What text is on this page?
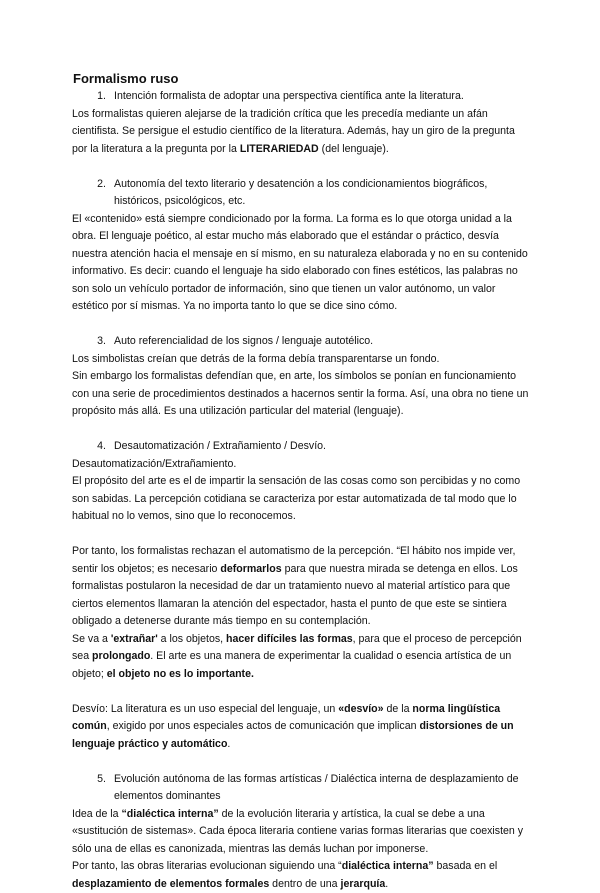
Formalismo ruso
1. Intención formalista de adoptar una perspectiva científica ante la literatura.

Los formalistas quieren alejarse de la tradición crítica que les precedía mediante un afán cientifista. Se persigue el estudio científico de la literatura. Además, hay un giro de la pregunta por la literatura a la pregunta por la LITERARIEDAD (del lenguaje).

2. Autonomía del texto literario y desatención a los condicionamientos biográficos, históricos, psicológicos, etc.

El «contenido» está siempre condicionado por la forma. La forma es lo que otorga unidad a la obra. El lenguaje poético, al estar mucho más elaborado que el estándar o práctico, desvía nuestra atención hacia el mensaje en sí mismo, en su naturaleza elaborada y no en su contenido informativo. Es decir: cuando el lenguaje ha sido elaborado con fines estéticos, las palabras no son solo un vehículo portador de información, sino que tienen un valor autónomo, un valor estético por sí mismas. Ya no importa tanto lo que se dice sino cómo.

3. Auto referencialidad de los signos / lenguaje autotélico.

Los simbolistas creían que detrás de la forma debía transparentarse un fondo.

Sin embargo los formalistas defendían que, en arte, los símbolos se ponían en funcionamiento con una serie de procedimientos destinados a hacernos sentir la forma. Así, una obra no tiene un propósito más allá. Es una utilización particular del material (lenguaje).

4. Desautomatización / Extrañamiento / Desvío.

Desautomatización/Extrañamiento.

El propósito del arte es el de impartir la sensación de las cosas como son percibidas y no como son sabidas. La percepción cotidiana se caracteriza por estar automatizada de tal modo que lo habitual no lo vemos, sino que lo reconocemos.

Por tanto, los formalistas rechazan el automatismo de la percepción. “El hábito nos impide ver, sentir los objetos; es necesario deformarlos para que nuestra mirada se detenga en ellos. Los formalistas postularon la necesidad de dar un tratamiento nuevo al material artístico para que ciertos elementos llamaran la atención del espectador, hasta el punto de que este se sintiera obligado a detenerse durante más tiempo en su contemplación.

Se va a 'extrañar' a los objetos, hacer difíciles las formas, para que el proceso de percepción sea prolongado. El arte es una manera de experimentar la cualidad o esencia artística de un objeto; el objeto no es lo importante.

Desvío: La literatura es un uso especial del lenguaje, un «desvío» de la norma lingüística común, exigido por unos especiales actos de comunicación que implican distorsiones de un lenguaje práctico y automático.

5. Evolución autónoma de las formas artísticas / Dialéctica interna de desplazamiento de elementos dominantes

Idea de la “dialéctica interna” de la evolución literaria y artística, la cual se debe a una «sustitución de sistemas». Cada época literaria contiene varias formas literarias que coexisten y sólo una de ellas es canonizada, mientras las demás luchan por imponerse.

Por tanto, las obras literarias evolucionan siguiendo una “dialéctica interna” basada en el desplazamiento de elementos formales dentro de una jerarquía.
